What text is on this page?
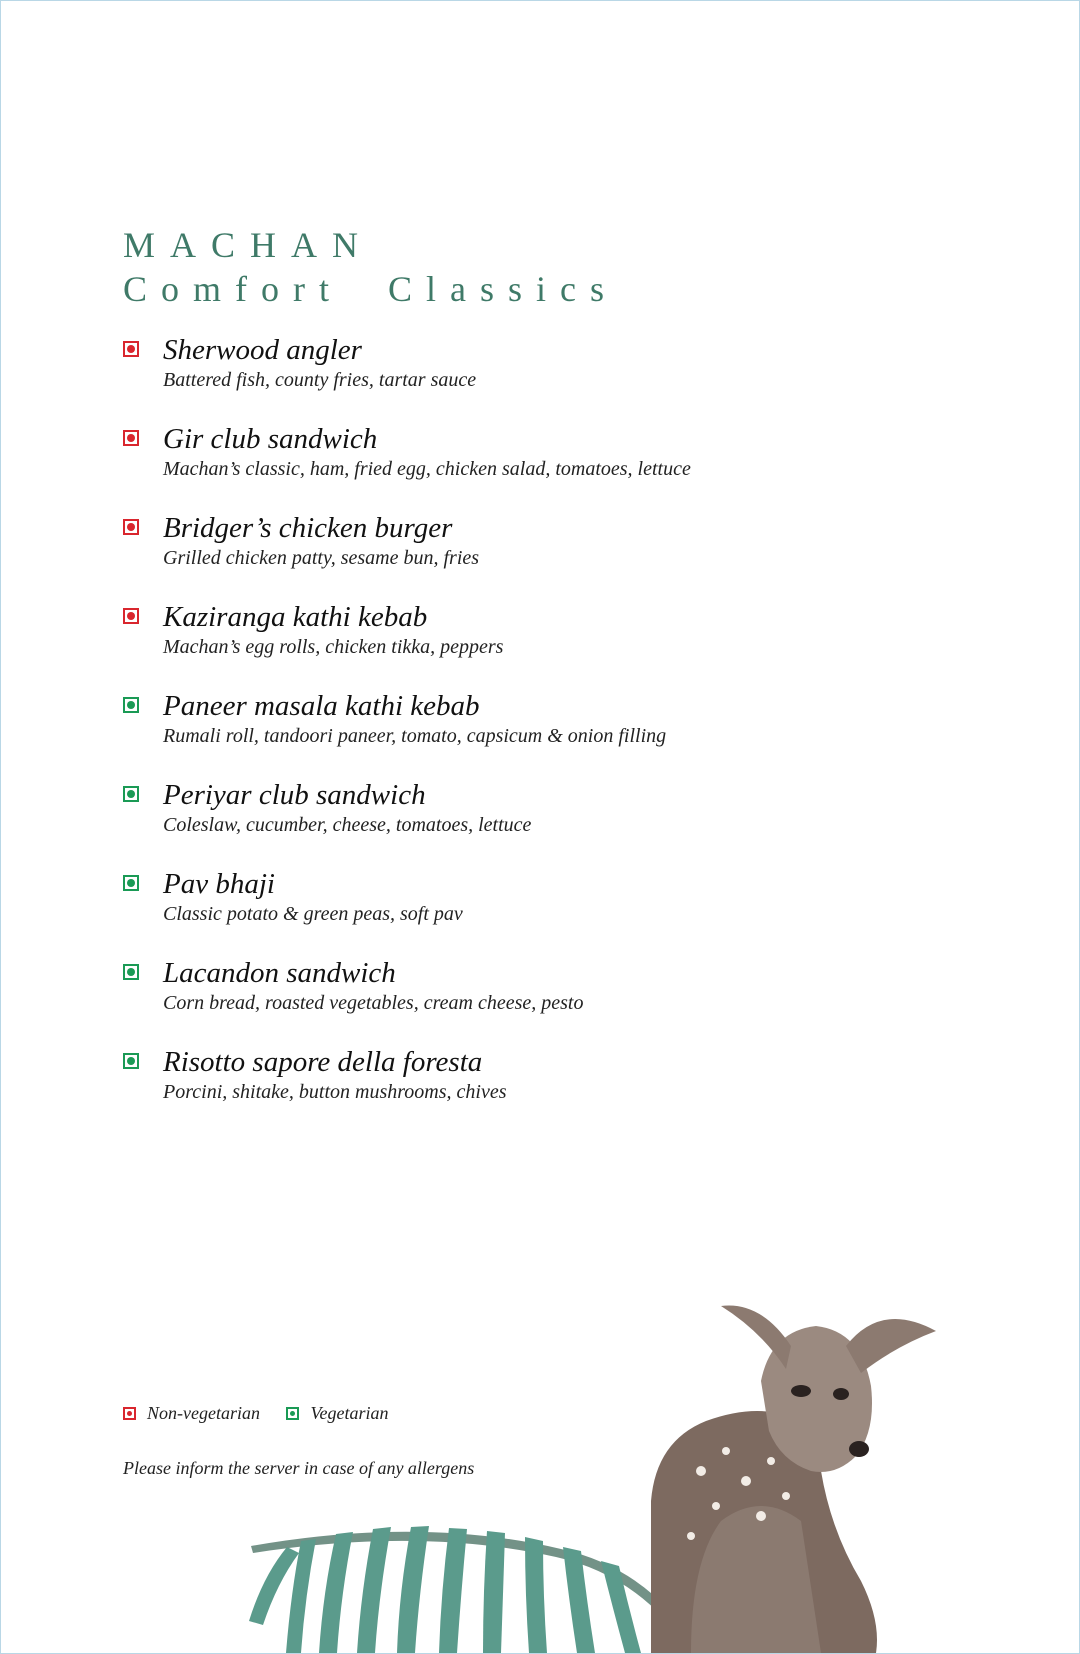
MACHAN
Comfort Classics
Sherwood angler
Battered fish, county fries, tartar sauce
Gir club sandwich
Machan’s classic, ham, fried egg, chicken salad, tomatoes, lettuce
Bridger’s chicken burger
Grilled chicken patty, sesame bun, fries
Kaziranga kathi kebab
Machan’s egg rolls, chicken tikka, peppers
Paneer masala kathi kebab
Rumali roll, tandoori paneer, tomato, capsicum & onion filling
Periyar club sandwich
Coleslaw, cucumber, cheese, tomatoes, lettuce
Pav bhaji
Classic potato & green peas, soft pav
Lacandon sandwich
Corn bread, roasted vegetables, cream cheese, pesto
Risotto sapore della foresta
Porcini, shitake, button mushrooms, chives
Non-vegetarian	Vegetarian
Please inform the server in case of any allergens
